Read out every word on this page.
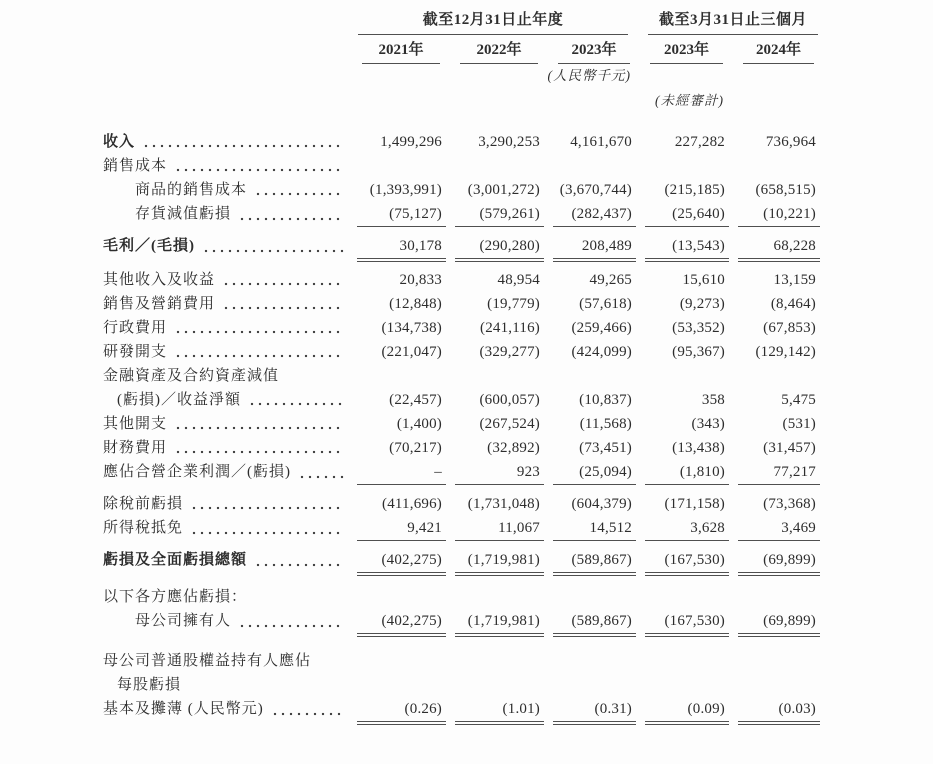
截至12月31日止年度	截至3月31日止三個月
2021年	2022年	2023年	2023年	2024年
(人民幣千元)
(未經審計)
收入	1,499,296	3,290,253	4,161,670	227,282	736,964
銷售成本
商品的銷售成本	(1,393,991)	(3,001,272)	(3,670,744)	(215,185)	(658,515)
存貨減值虧損	(75,127)	(579,261)	(282,437)	(25,640)	(10,221)
毛利／(毛損)	30,178	(290,280)	208,489	(13,543)	68,228
其他收入及收益	20,833	48,954	49,265	15,610	13,159
銷售及營銷費用	(12,848)	(19,779)	(57,618)	(9,273)	(8,464)
行政費用	(134,738)	(241,116)	(259,466)	(53,352)	(67,853)
研發開支	(221,047)	(329,277)	(424,099)	(95,367)	(129,142)
金融資產及合約資產減值
(虧損)／收益淨額	(22,457)	(600,057)	(10,837)	358	5,475
其他開支	(1,400)	(267,524)	(11,568)	(343)	(531)
財務費用	(70,217)	(32,892)	(73,451)	(13,438)	(31,457)
應佔合營企業利潤／(虧損)	–	923	(25,094)	(1,810)	77,217
除稅前虧損	(411,696)	(1,731,048)	(604,379)	(171,158)	(73,368)
所得稅抵免	9,421	11,067	14,512	3,628	3,469
虧損及全面虧損總額	(402,275)	(1,719,981)	(589,867)	(167,530)	(69,899)
以下各方應佔虧損：
母公司擁有人	(402,275)	(1,719,981)	(589,867)	(167,530)	(69,899)
母公司普通股權益持有人應佔
每股虧損
基本及攤薄 (人民幣元)	(0.26)	(1.01)	(0.31)	(0.09)	(0.03)
